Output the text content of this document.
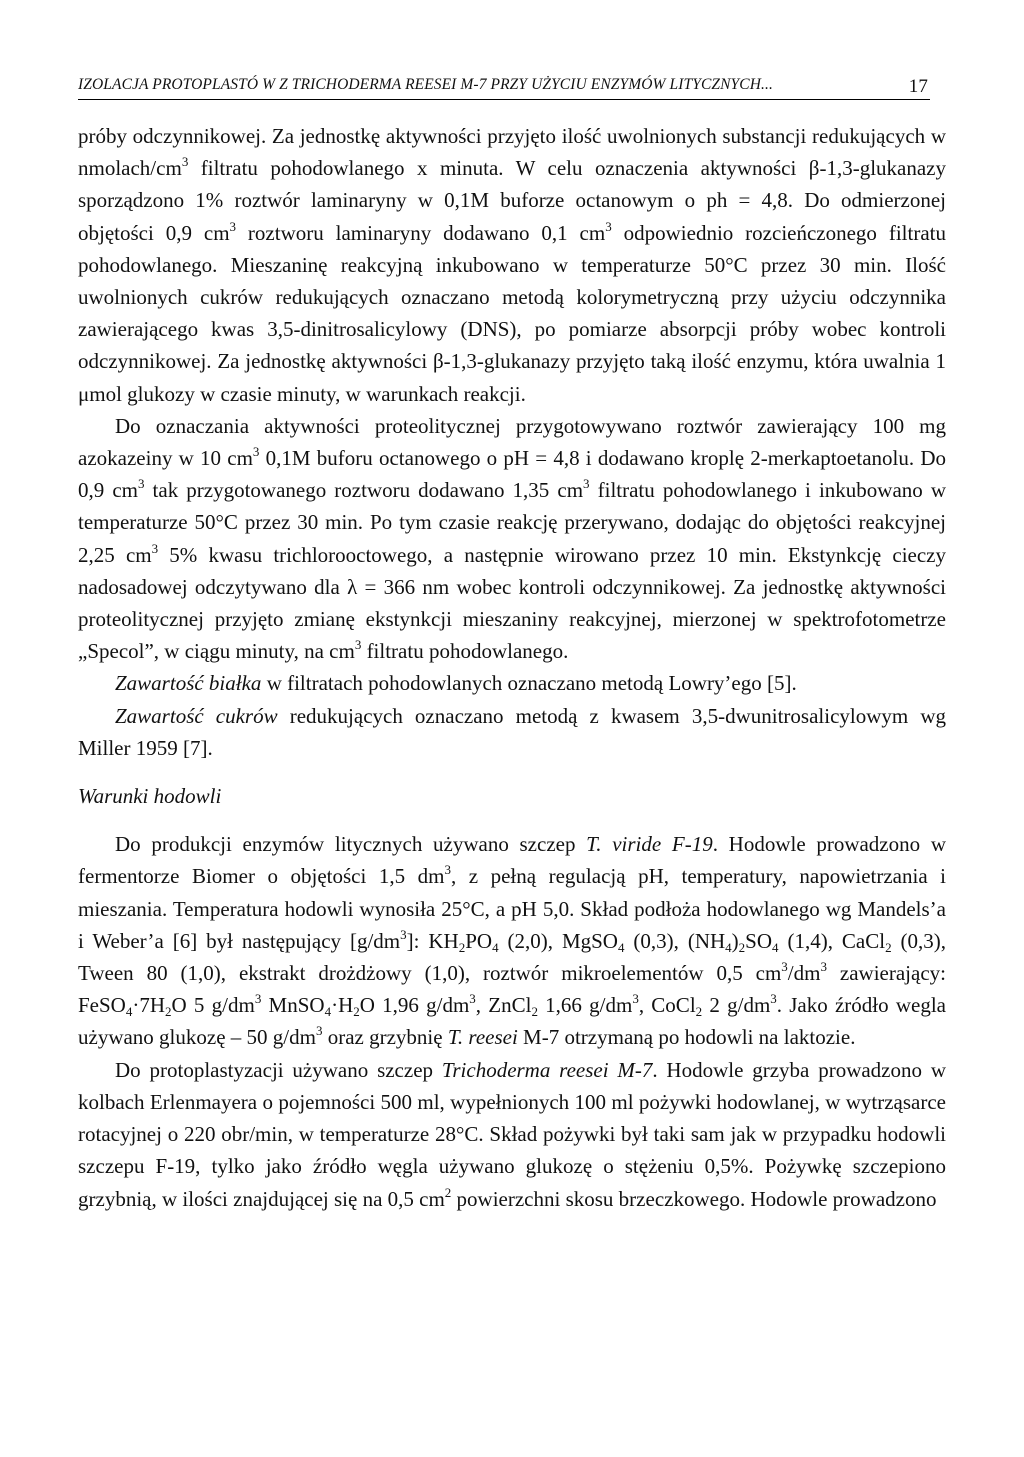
IZOLACJA PROTOPLASTÓ W Z TRICHODERMA REESEI M-7 PRZY UŻYCIU ENZYMÓW LITYCZNYCH...	17

próby odczynnikowej. Za jednostkę aktywności przyjęto ilość uwolnionych substancji redukujących w nmolach/$cm^3$ filtratu pohodowlanego x minuta. W celu oznaczenia aktywności β-1,3-glukanazy sporządzono 1% roztwór laminaryny w 0,1M buforze octanowym o ph = 4,8. Do odmierzonej objętości 0,9 $cm^3$ roztworu laminaryny dodawano 0,1 $cm^3$ odpowiednio rozcieńczonego filtratu pohodowlanego. Mieszaninę reakcyjną inkubowano w temperaturze 50°C przez 30 min. Ilość uwolnionych cukrów redukujących oznaczano metodą kolorymetryczną przy użyciu odczynnika zawierającego kwas 3,5-dinitrosalicylowy (DNS), po pomiarze absorpcji próby wobec kontroli odczynnikowej. Za jednostkę aktywności β-1,3-glukanazy przyjęto taką ilość enzymu, która uwalnia 1 μmol glukozy w czasie minuty, w warunkach reakcji.

Do oznaczania aktywności proteolitycznej przygotowywano roztwór zawierający 100 mg azokazeiny w 10 $cm^3$ 0,1M buforu octanowego o pH = 4,8 i dodawano kroplę 2-merkaptoetanolu. Do 0,9 $cm^3$ tak przygotowanego roztworu dodawano 1,35 $cm^3$ filtratu pohodowlanego i inkubowano w temperaturze 50°C przez 30 min. Po tym czasie reakcję przerywano, dodając do objętości reakcyjnej 2,25 $cm^3$ 5% kwasu trichlorooctowego, a następnie wirowano przez 10 min. Ekstynkcję cieczy nadosadowej odczytywano dla λ = 366 nm wobec kontroli odczynnikowej. Za jednostkę aktywności proteolitycznej przyjęto zmianę ekstynkcji mieszaniny reakcyjnej, mierzonej w spektrofotometrze „Specol”, w ciągu minuty, na $cm^3$ filtratu pohodowlanego.

Zawartość białka w filtratach pohodowlanych oznaczano metodą Lowry’ego [5].

Zawartość cukrów redukujących oznaczano metodą z kwasem 3,5-dwunitrosalicylowym wg Miller 1959 [7].

Warunki hodowli

Do produkcji enzymów litycznych używano szczep T. viride F-19. Hodowle prowadzono w fermentorze Biomer o objętości 1,5 $dm^3$, z pełną regulacją pH, temperatury, napowietrzania i mieszania. Temperatura hodowli wynosiła 25°C, a pH 5,0. Skład podłoża hodowlanego wg Mandels’a i Weber’a [6] był następujący $[g/dm^3]$: $KH_2PO_4$ (2,0), MgSO$_4$ (0,3), $(NH_4)_2SO_4$ (1,4), CaCl$_2$ (0,3), Tween 80 (1,0), ekstrakt drożdżowy (1,0), roztwór mikroelementów 0,5 $cm^3/dm^3$ zawierający: $FeSO_4\cdot 7H_2O$ 5 $g/dm^3$ $MnSO_4\cdot H_2O$ 1,96 $g/dm^3$, ZnCl$_2$ 1,66 $g/dm^3$, CoCl$_2$ 2 $g/dm^3$. Jako źródło wegla używano glukozę – 50 $g/dm^3$ oraz grzybnię T. reesei M-7 otrzymaną po hodowli na laktozie.

Do protoplastyzacji używano szczep Trichoderma reesei M-7. Hodowle grzyba prowadzono w kolbach Erlenmayera o pojemności 500 ml, wypełnionych 100 ml pożywki hodowlanej, w wytrząsarce rotacyjnej o 220 obr/min, w temperaturze 28°C. Skład pożywki był taki sam jak w przypadku hodowli szczepu F-19, tylko jako źródło węgla używano glukozę o stężeniu 0,5%. Pożywkę szczepiono grzybnią, w ilości znajdującej się na 0,5 $cm^2$ powierzchni skosu brzeczkowego. Hodowle prowadzono
